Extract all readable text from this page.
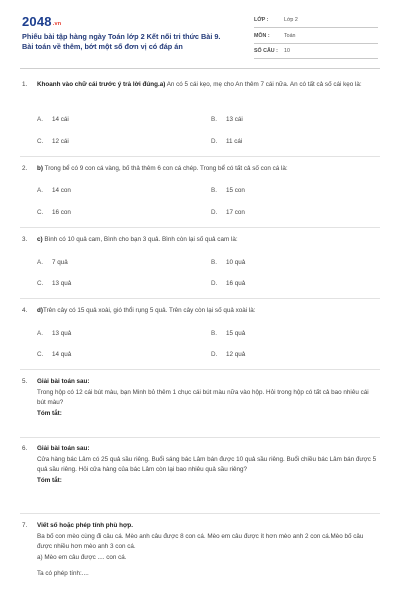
2048.vn
Phiếu bài tập hàng ngày Toán lớp 2 Kết nối tri thức Bài 9.
Bài toán về thêm, bớt một số đơn vị có đáp án
LỚP :	Lớp 2
MÔN :	Toán
SỐ CÂU : 10
1. Khoanh vào chữ cái trước ý trả lời đúng.a) An có 5 cái kẹo, mẹ cho An thêm 7 cái nữa. An có tất cả số cái kẹo là:
A. 14 cái	B. 13 cái
C. 12 cái	D. 11 cái
2. b) Trong bể có 9 con cá vàng, bố thả thêm 6 con cá chép. Trong bể có tất cả số con cá là:
A. 14 con	B. 15 con
C. 16 con	D. 17 con
3. c) Bình có 10 quả cam, Bình cho bạn 3 quả. Bình còn lại số quả cam là:
A. 7 quả	B. 10 quả
C. 13 quả	D. 16 quả
4. d)Trên cây có 15 quả xoài, gió thổi rụng 5 quả. Trên cây còn lại số quả xoài là:
A. 13 quả	B. 15 quả
C. 14 quả	D. 12 quả
5. Giải bài toán sau:
Trong hộp có 12 cái bút màu, bạn Minh bỏ thêm 1 chục cái bút màu nữa vào hộp. Hỏi trong hộp có tất cả bao nhiêu cái bút màu?
Tóm tắt:
6. Giải bài toán sau:
Cửa hàng bác Lâm có 25 quả sầu riêng. Buổi sáng bác Lâm bán được 10 quả sầu riêng. Buổi chiều bác Lâm bán được 5 quả sầu riêng. Hỏi cửa hàng của bác Lâm còn lại bao nhiêu quả sầu riêng?
Tóm tắt:
7. Viết số hoặc phép tính phù hợp.
Ba bố con mèo cùng đi câu cá. Mèo anh câu được 8 con cá. Mèo em câu được ít hơn mèo anh 2 con cá.Mèo bố câu được nhiều hơn mèo anh 3 con cá.
a) Mèo em câu được .... con cá.
Ta có phép tính:....
